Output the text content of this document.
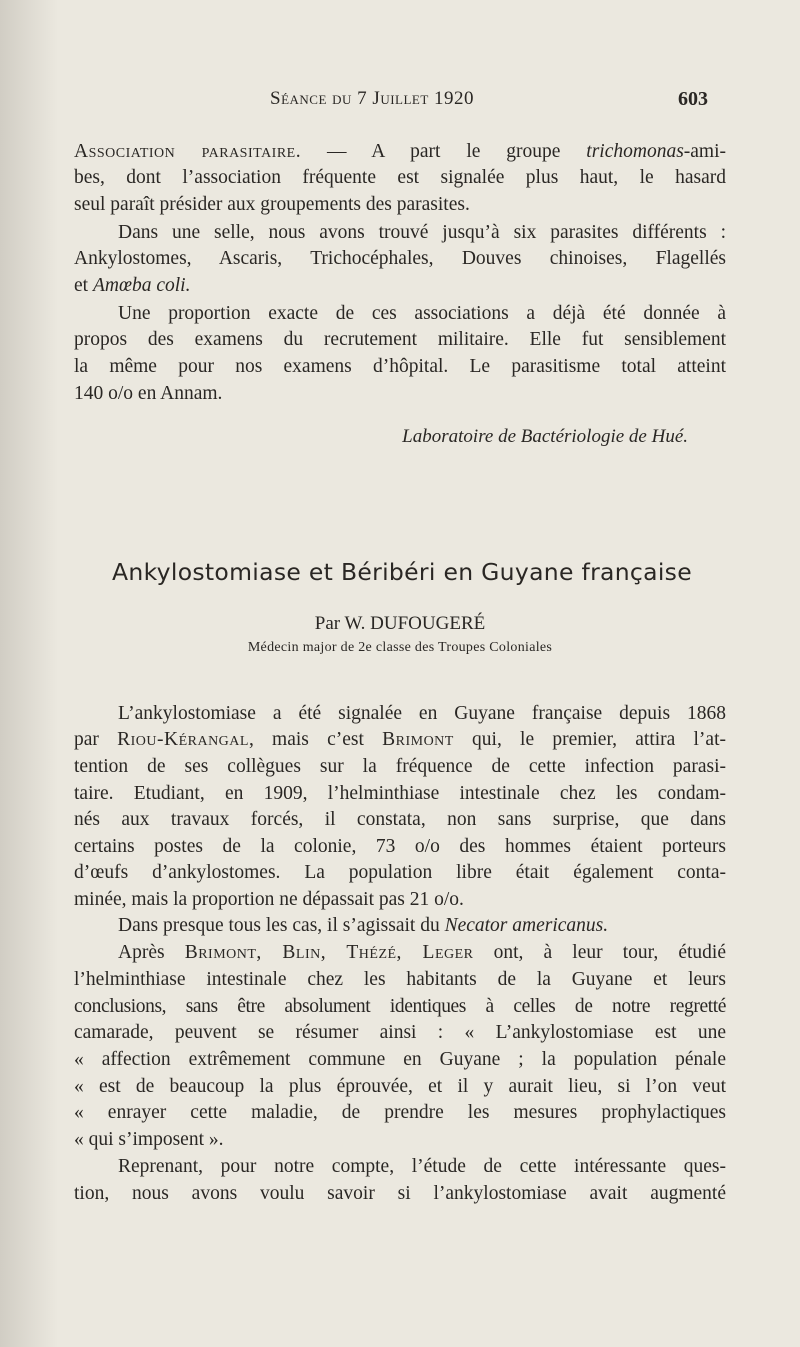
Séance du 7 Juillet 1920	603
Association parasitaire. — A part le groupe trichomonas-ami-
bes, dont l’association fréquente est signalée plus haut, le hasard
seul paraît présider aux groupements des parasites.
Dans une selle, nous avons trouvé jusqu’à six parasites différents :
Ankylostomes, Ascaris, Trichocéphales, Douves chinoises, Flagellés
et Amœba coli.
Une proportion exacte de ces associations a déjà été donnée à
propos des examens du recrutement militaire. Elle fut sensiblement
la même pour nos examens d’hôpital. Le parasitisme total atteint
140 o/o en Annam.
Laboratoire de Bactériologie de Hué.
Ankylostomiase et Béribéri en Guyane française
Par W. DUFOUGERÉ
Médecin major de 2e classe des Troupes Coloniales
L’ankylostomiase a été signalée en Guyane française depuis 1868
par Riou-Kérangal, mais c’est Brimont qui, le premier, attira l’at-
tention de ses collègues sur la fréquence de cette infection parasi-
taire. Etudiant, en 1909, l’helminthiase intestinale chez les condam-
nés aux travaux forcés, il constata, non sans surprise, que dans
certains postes de la colonie, 73 o/o des hommes étaient porteurs
d’œufs d’ankylostomes. La population libre était également conta-
minée, mais la proportion ne dépassait pas 21 o/o.
Dans presque tous les cas, il s’agissait du Necator americanus.
Après Brimont, Blin, Thézé, Leger ont, à leur tour, étudié
l’helminthiase intestinale chez les habitants de la Guyane et leurs
conclusions, sans être absolument identiques à celles de notre regretté
camarade, peuvent se résumer ainsi : « L’ankylostomiase est une
« affection extrêmement commune en Guyane ; la population pénale
« est de beaucoup la plus éprouvée, et il y aurait lieu, si l’on veut
« enrayer cette maladie, de prendre les mesures prophylactiques
« qui s’imposent ».
Reprenant, pour notre compte, l’étude de cette intéressante ques-
tion, nous avons voulu savoir si l’ankylostomiase avait augmenté
